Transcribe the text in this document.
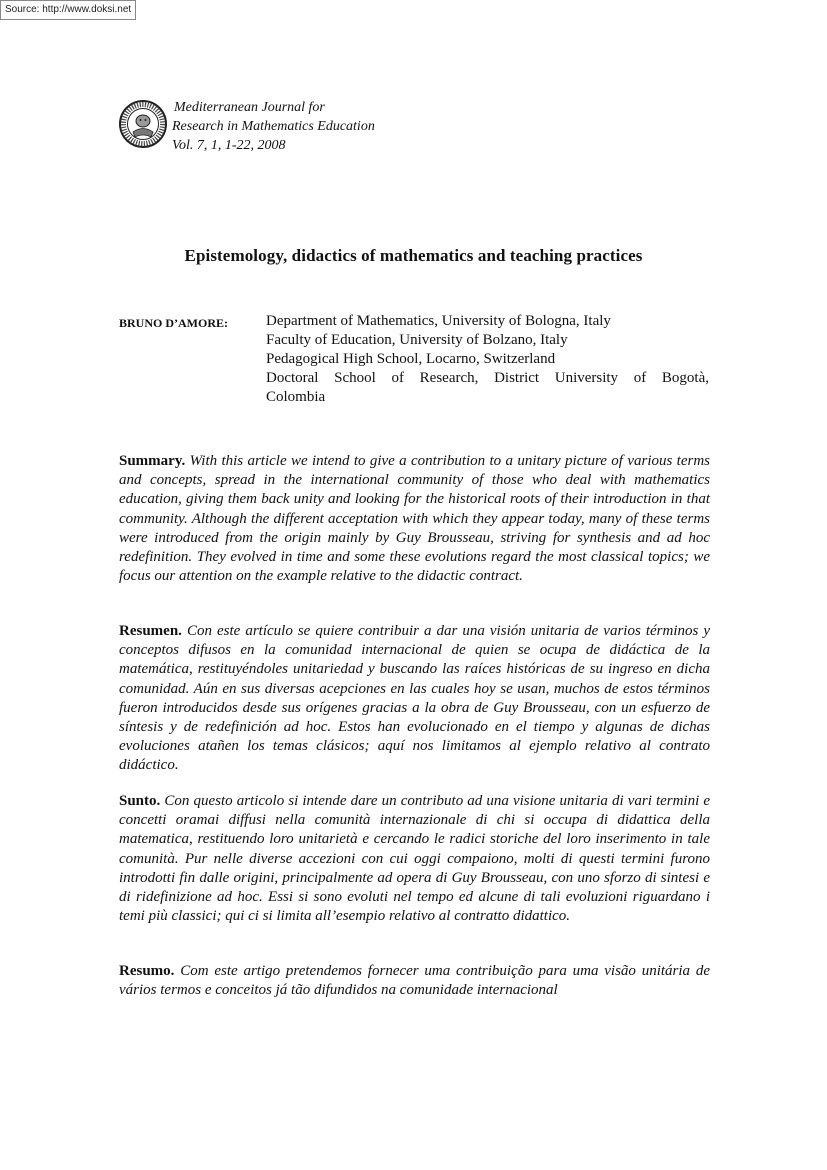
Source: http://www.doksi.net
Mediterranean Journal for
Research in Mathematics Education
Vol. 7, 1, 1-22, 2008
Epistemology, didactics of mathematics and teaching practices
BRUNO D’AMORE:	Department of Mathematics, University of Bologna, Italy
Faculty of Education, University of Bolzano, Italy
Pedagogical High School, Locarno, Switzerland
Doctoral School of Research, District University of Bogotà,
Colombia
Summary. With this article we intend to give a contribution to a unitary picture of various terms and concepts, spread in the international community of those who deal with mathematics education, giving them back unity and looking for the historical roots of their introduction in that community. Although the different acceptation with which they appear today, many of these terms were introduced from the origin mainly by Guy Brousseau, striving for synthesis and ad hoc redefinition. They evolved in time and some these evolutions regard the most classical topics; we focus our attention on the example relative to the didactic contract.
Resumen. Con este artículo se quiere contribuir a dar una visión unitaria de varios términos y conceptos difusos en la comunidad internacional de quien se ocupa de didáctica de la matemática, restituyéndoles unitariedad y buscando las raíces históricas de su ingreso en dicha comunidad. Aún en sus diversas acepciones en las cuales hoy se usan, muchos de estos términos fueron introducidos desde sus orígenes gracias a la obra de Guy Brousseau, con un esfuerzo de síntesis y de redefinición ad hoc. Estos han evolucionado en el tiempo y algunas de dichas evoluciones atañen los temas clásicos; aquí nos limitamos al ejemplo relativo al contrato didáctico.
Sunto. Con questo articolo si intende dare un contributo ad una visione unitaria di vari termini e concetti oramai diffusi nella comunità internazionale di chi si occupa di didattica della matematica, restituendo loro unitarietà e cercando le radici storiche del loro inserimento in tale comunità. Pur nelle diverse accezioni con cui oggi compaiono, molti di questi termini furono introdotti fin dalle origini, principalmente ad opera di Guy Brousseau, con uno sforzo di sintesi e di ridefinizione ad hoc. Essi si sono evoluti nel tempo ed alcune di tali evoluzioni riguardano i temi più classici; qui ci si limita all’esempio relativo al contratto didattico.
Resumo. Com este artigo pretendemos fornecer uma contribuição para uma visão unitária de vários termos e conceitos já tão difundidos na comunidade internacional
